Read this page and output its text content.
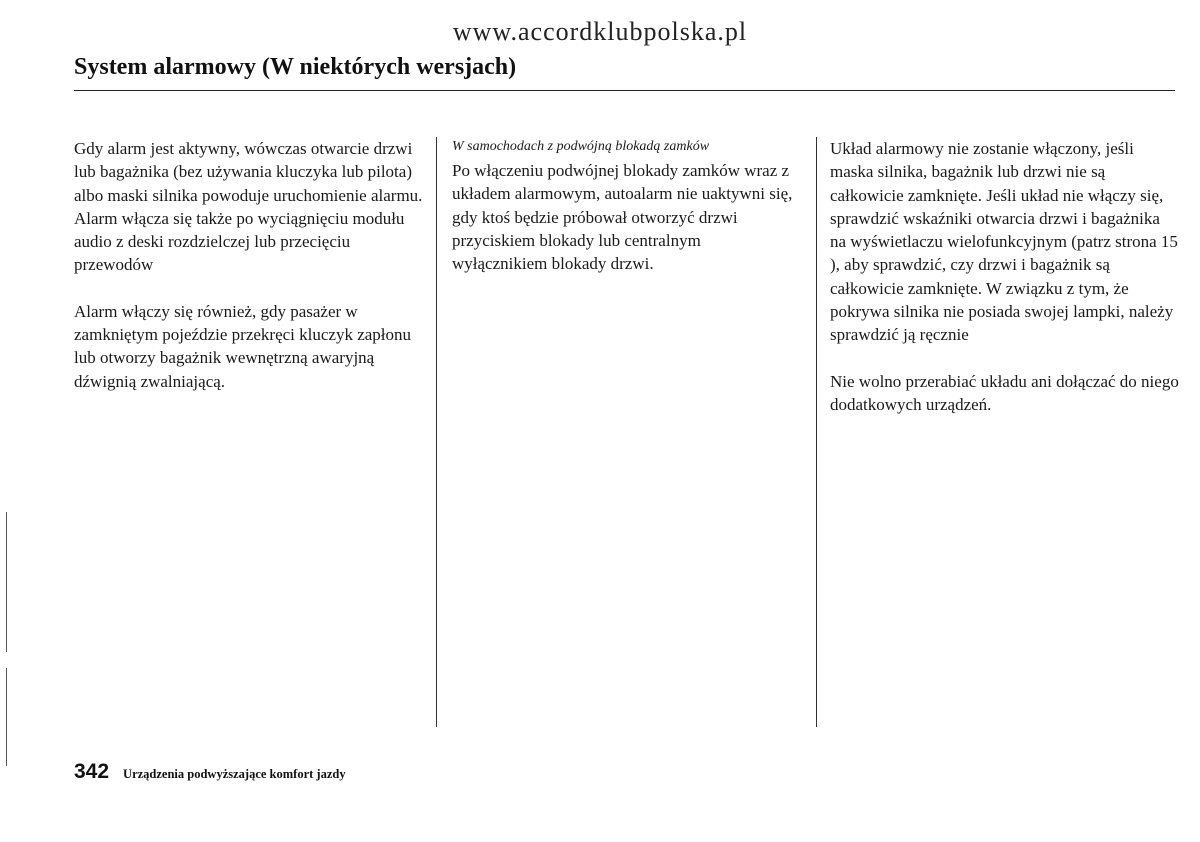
www.accordklubpolska.pl
System alarmowy (W niektórych wersjach)

Gdy alarm jest aktywny, wówczas otwarcie drzwi lub bagażnika (bez używania kluczyka lub pilota) albo maski silnika powoduje uruchomienie alarmu. Alarm włącza się także po wyciągnięciu modułu audio z deski rozdzielczej lub przecięciu przewodów

Alarm włączy się również, gdy pasażer w zamkniętym pojeździe przekręci kluczyk zapłonu lub otworzy bagażnik wewnętrzną awaryjną dźwignią zwalniającą.

W samochodach z podwójną blokadą zamków

Po włączeniu podwójnej blokady zamków wraz z układem alarmowym, autoalarm nie uaktywni się, gdy ktoś będzie próbował otworzyć drzwi przyciskiem blokady lub centralnym wyłącznikiem blokady drzwi.

Układ alarmowy nie zostanie włączony, jeśli maska silnika, bagażnik lub drzwi nie są całkowicie zamknięte. Jeśli układ nie włączy się, sprawdzić wskaźniki otwarcia drzwi i bagażnika na wyświetlaczu wielofunkcyjnym (patrz strona 15 ), aby sprawdzić, czy drzwi i bagażnik są całkowicie zamknięte. W związku z tym, że pokrywa silnika nie posiada swojej lampki, należy sprawdzić ją ręcznie

Nie wolno przerabiać układu ani dołączać do niego dodatkowych urządzeń.

342 Urządzenia podwyższające komfort jazdy
